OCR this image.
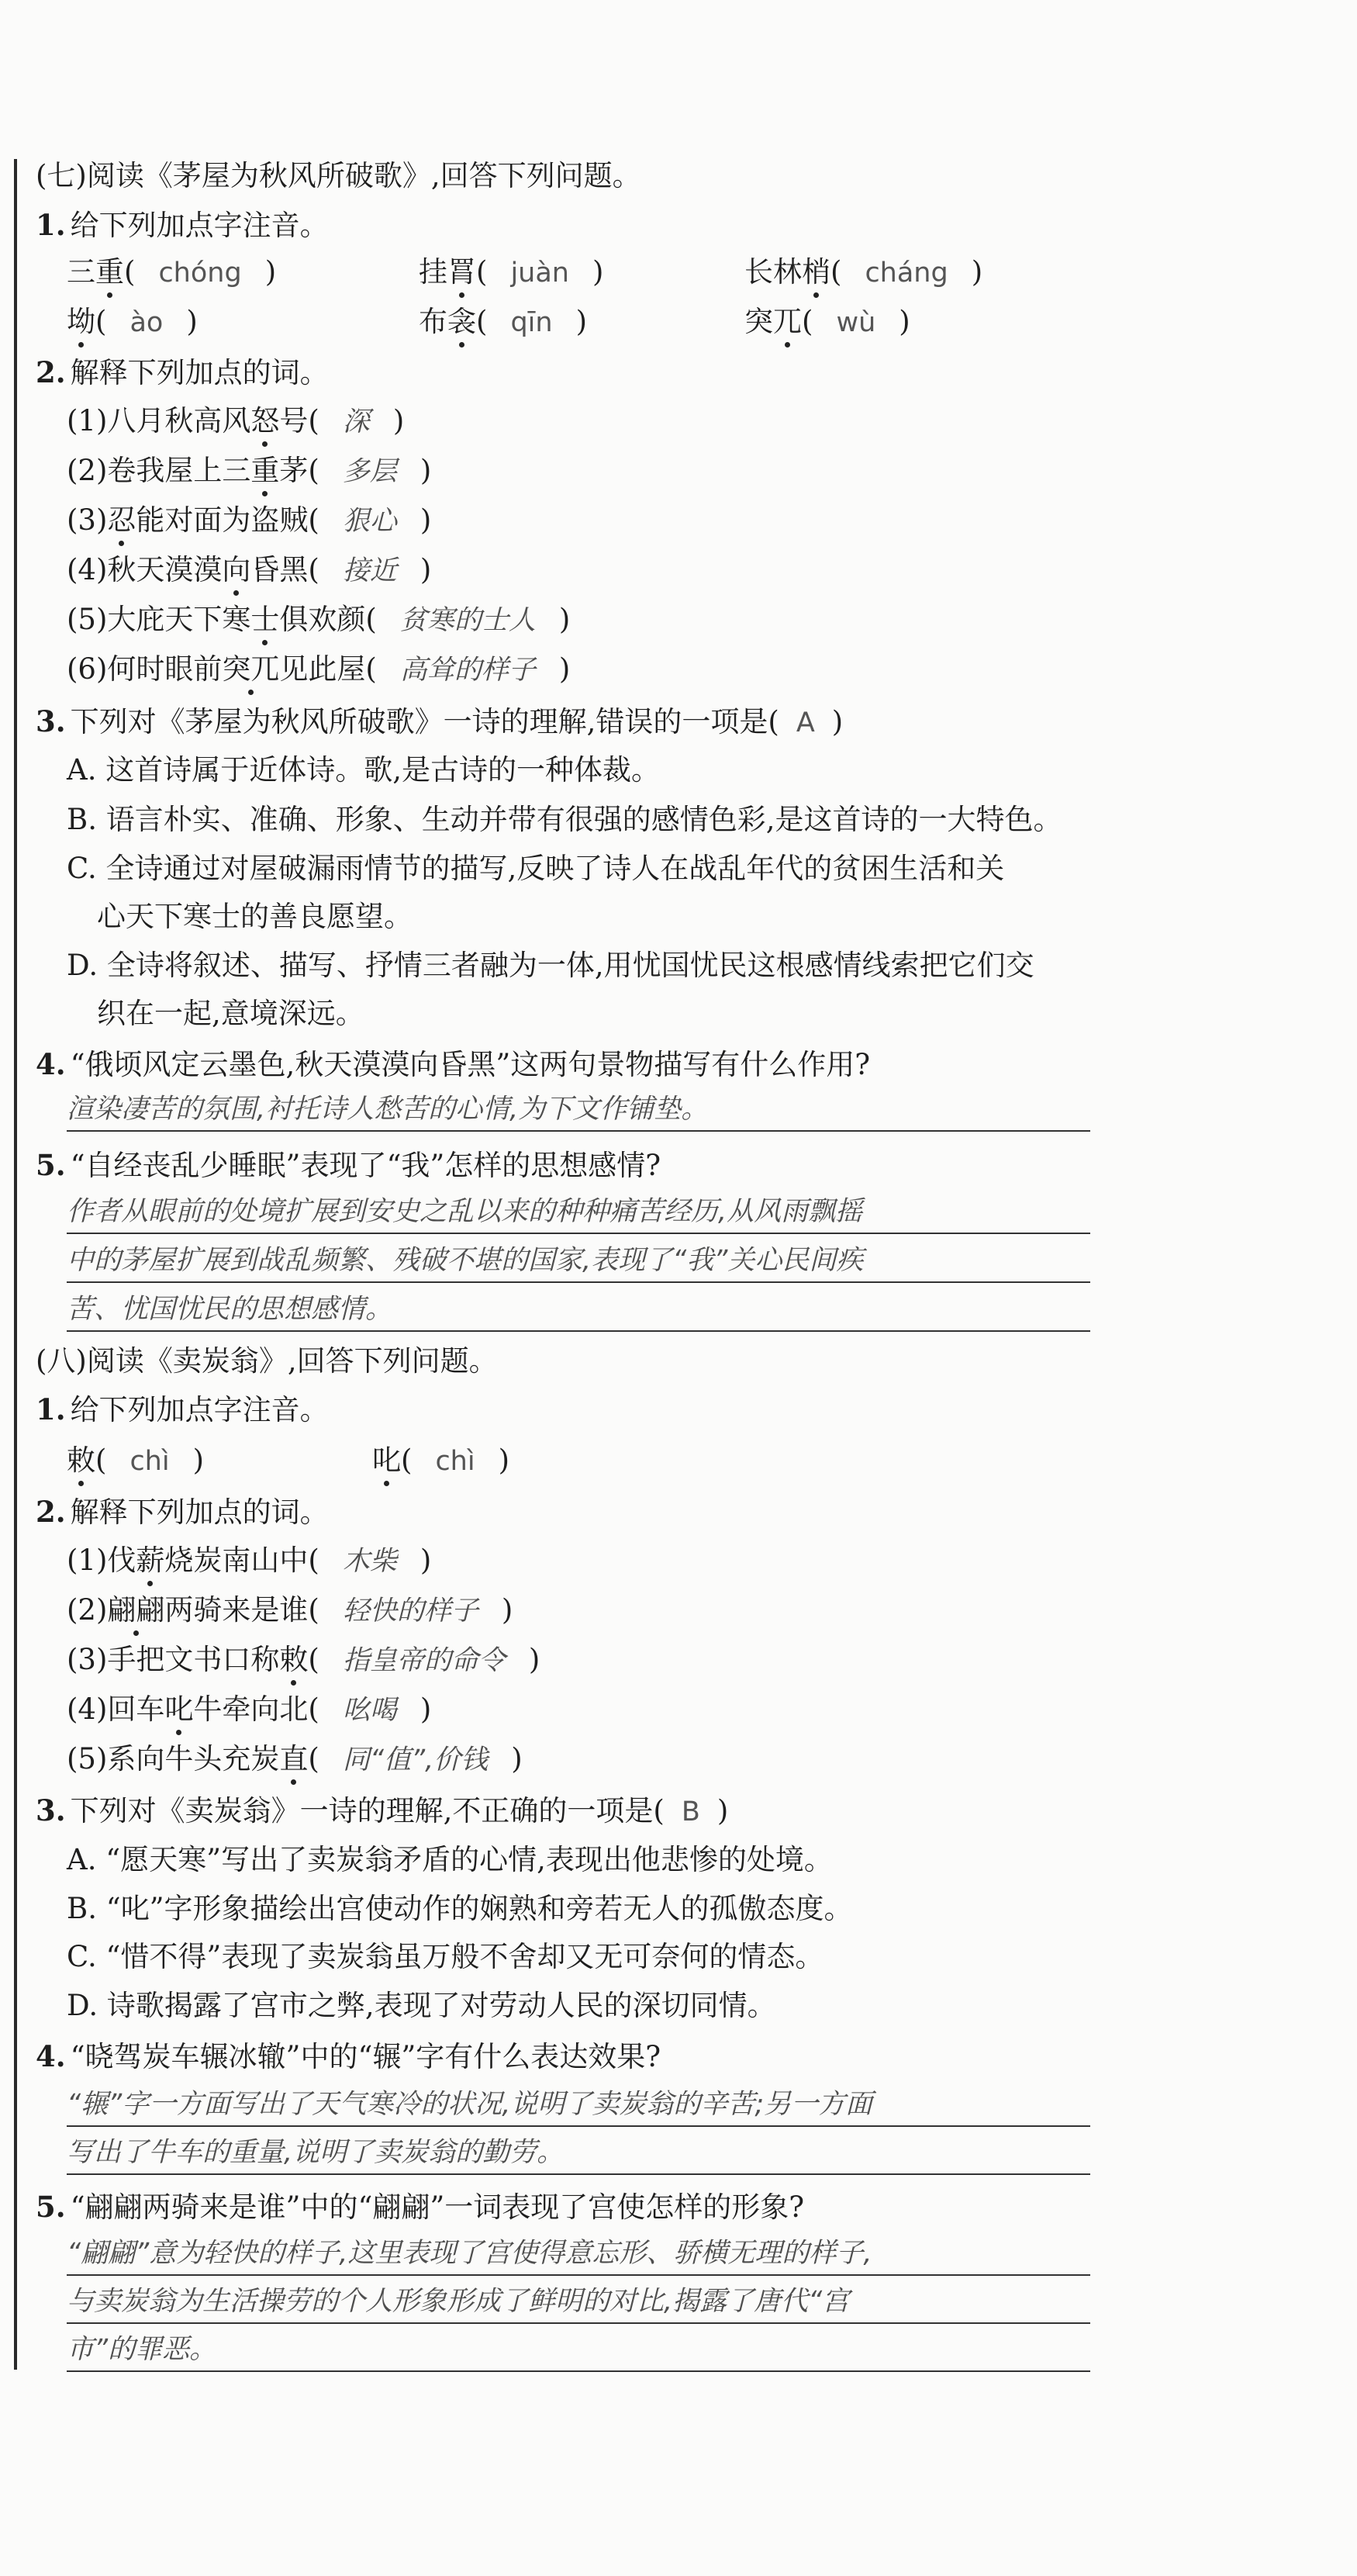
(七)阅读《茅屋为秋风所破歌》,回答下列问题。
1. 给下列加点字注音。
三重( chóng )	挂罥( juàn )	长林梢( cháng )
坳( ào )	布衾( qīn )	突兀( wù )
2. 解释下列加点的词。
(1)八月秋高风怒号( 深 )
(2)卷我屋上三重茅( 多层 )
(3)忍能对面为盗贼( 狠心 )
(4)秋天漠漠向昏黑( 接近 )
(5)大庇天下寒士俱欢颜( 贫寒的士人 )
(6)何时眼前突兀见此屋( 高耸的样子 )
3. 下列对《茅屋为秋风所破歌》一诗的理解,错误的一项是( A )
A. 这首诗属于近体诗。歌,是古诗的一种体裁。
B. 语言朴实、准确、形象、生动并带有很强的感情色彩,是这首诗的一大特色。
C. 全诗通过对屋破漏雨情节的描写,反映了诗人在战乱年代的贫困生活和关
心天下寒士的善良愿望。
D. 全诗将叙述、描写、抒情三者融为一体,用忧国忧民这根感情线索把它们交
织在一起,意境深远。
4. “俄顷风定云墨色,秋天漠漠向昏黑”这两句景物描写有什么作用?
渲染凄苦的氛围,衬托诗人愁苦的心情,为下文作铺垫。
5. “自经丧乱少睡眠”表现了“我”怎样的思想感情?
作者从眼前的处境扩展到安史之乱以来的种种痛苦经历,从风雨飘摇
中的茅屋扩展到战乱频繁、残破不堪的国家,表现了“我”关心民间疾
苦、忧国忧民的思想感情。
(八)阅读《卖炭翁》,回答下列问题。
1. 给下列加点字注音。
敕( chì )	叱( chì )
2. 解释下列加点的词。
(1)伐薪烧炭南山中( 木柴 )
(2)翩翩两骑来是谁( 轻快的样子 )
(3)手把文书口称敕( 指皇帝的命令 )
(4)回车叱牛牵向北( 吆喝 )
(5)系向牛头充炭直( 同“值”,价钱 )
3. 下列对《卖炭翁》一诗的理解,不正确的一项是( B )
A. “愿天寒”写出了卖炭翁矛盾的心情,表现出他悲惨的处境。
B. “叱”字形象描绘出宫使动作的娴熟和旁若无人的孤傲态度。
C. “惜不得”表现了卖炭翁虽万般不舍却又无可奈何的情态。
D. 诗歌揭露了宫市之弊,表现了对劳动人民的深切同情。
4. “晓驾炭车辗冰辙”中的“辗”字有什么表达效果?
“辗”字一方面写出了天气寒冷的状况,说明了卖炭翁的辛苦;另一方面
写出了牛车的重量,说明了卖炭翁的勤劳。
5. “翩翩两骑来是谁”中的“翩翩”一词表现了宫使怎样的形象?
“翩翩”意为轻快的样子,这里表现了宫使得意忘形、骄横无理的样子,
与卖炭翁为生活操劳的个人形象形成了鲜明的对比,揭露了唐代“宫
市”的罪恶。
